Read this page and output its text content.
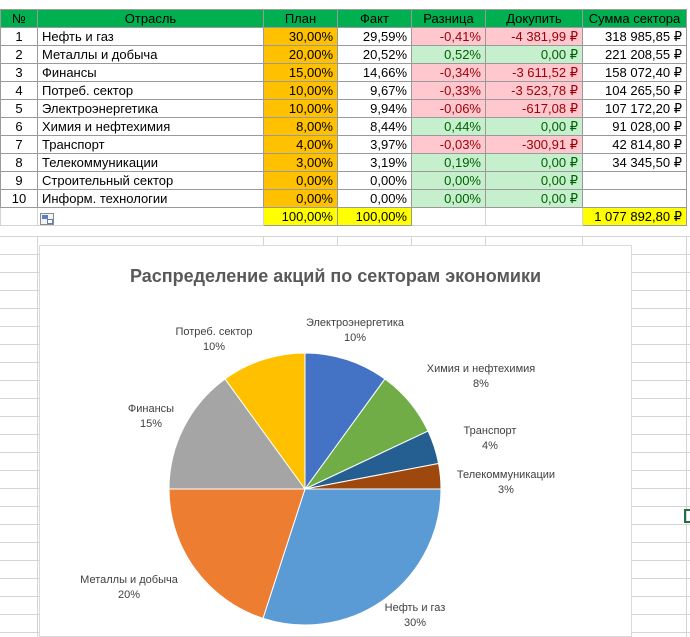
№	Отрасль	План	Факт	Разница	Докупить	Сумма сектора
1	Нефть и газ	30,00%	29,59%	-0,41%	-4 381,99 ₽	318 985,85 ₽
2	Металлы и добыча	20,00%	20,52%	0,52%	0,00 ₽	221 208,55 ₽
3	Финансы	15,00%	14,66%	-0,34%	-3 611,52 ₽	158 072,40 ₽
4	Потреб. сектор	10,00%	9,67%	-0,33%	-3 523,78 ₽	104 265,50 ₽
5	Электроэнергетика	10,00%	9,94%	-0,06%	-617,08 ₽	107 172,20 ₽
6	Химия и нефтехимия	8,00%	8,44%	0,44%	0,00 ₽	91 028,00 ₽
7	Транспорт	4,00%	3,97%	-0,03%	-300,91 ₽	42 814,80 ₽
8	Телекоммуникации	3,00%	3,19%	0,19%	0,00 ₽	34 345,50 ₽
9	Строительный сектор	0,00%	0,00%	0,00%	0,00 ₽	
10	Информ. технологии	0,00%	0,00%	0,00%	0,00 ₽	
		100,00%	100,00%			1 077 892,80 ₽
Распределение акций по секторам экономики
Нефть и газ
30%
Металлы и добыча
20%
Финансы
15%
Потреб. сектор
10%
Электроэнергетика
10%
Химия и нефтехимия
8%
Транспорт
4%
Телекоммуникации
3%
